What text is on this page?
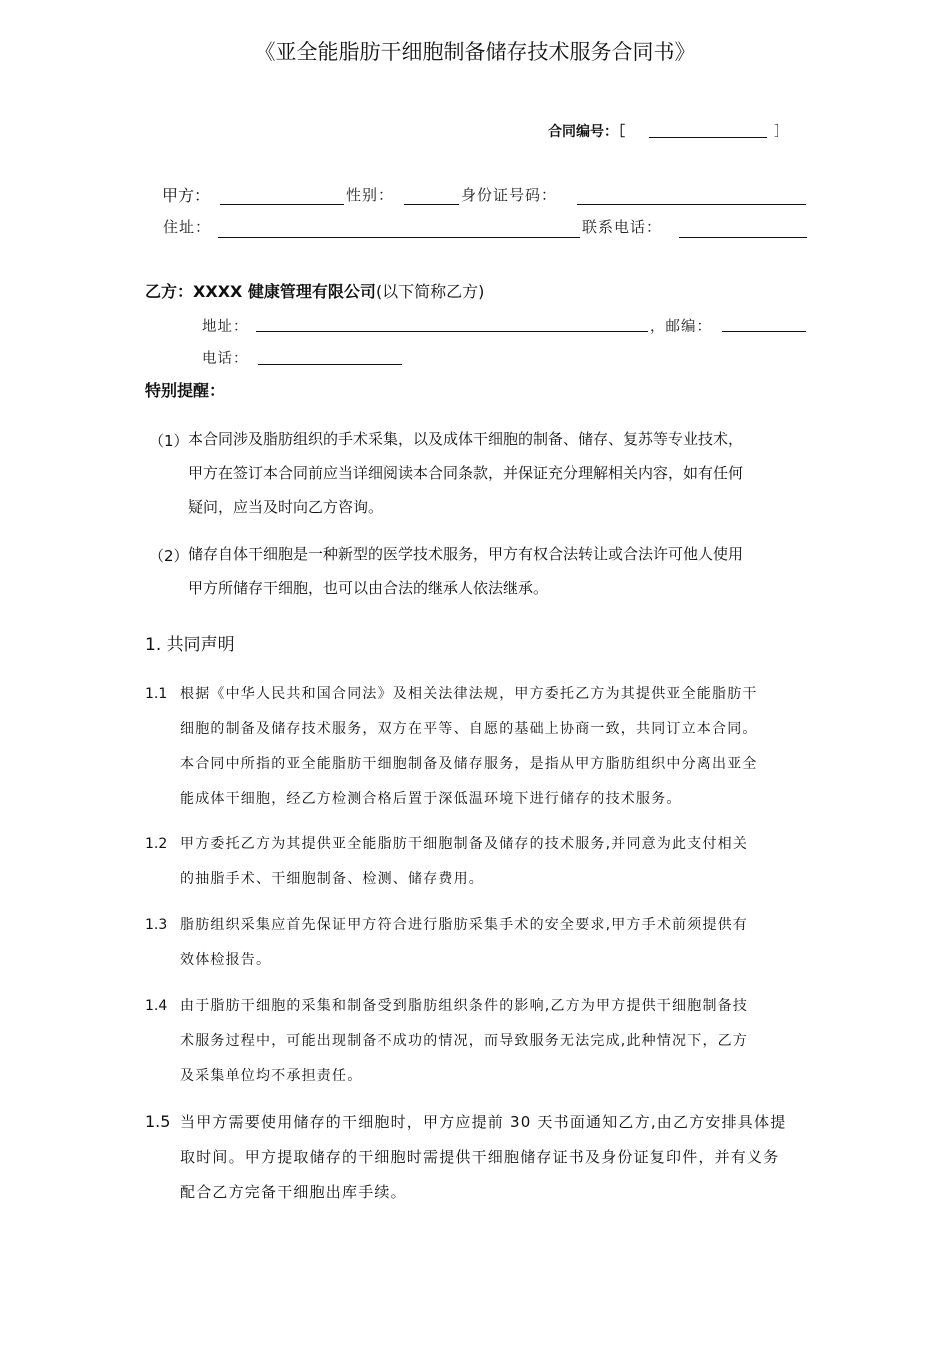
《亚全能脂肪干细胞制备储存技术服务合同书》
合同编号：［	］
甲方：	性别：	身份证号码：
住址：	联系电话：
乙方：XXXX 健康管理有限公司(以下简称乙方)
地址：	，邮编：
电话：
特别提醒：
（1） 本合同涉及脂肪组织的手术采集，以及成体干细胞的制备、储存、复苏等专业技术，
甲方在签订本合同前应当详细阅读本合同条款，并保证充分理解相关内容，如有任何
疑问，应当及时向乙方咨询。
（2） 储存自体干细胞是一种新型的医学技术服务，甲方有权合法转让或合法许可他人使用
甲方所储存干细胞，也可以由合法的继承人依法继承。
1. 共同声明
1.1 根据《中华人民共和国合同法》及相关法律法规，甲方委托乙方为其提供亚全能脂肪干
细胞的制备及储存技术服务，双方在平等、自愿的基础上协商一致，共同订立本合同。
本合同中所指的亚全能脂肪干细胞制备及储存服务，是指从甲方脂肪组织中分离出亚全
能成体干细胞，经乙方检测合格后置于深低温环境下进行储存的技术服务。
1.2 甲方委托乙方为其提供亚全能脂肪干细胞制备及储存的技术服务,并同意为此支付相关
的抽脂手术、干细胞制备、检测、储存费用。
1.3 脂肪组织采集应首先保证甲方符合进行脂肪采集手术的安全要求,甲方手术前须提供有
效体检报告。
1.4 由于脂肪干细胞的采集和制备受到脂肪组织条件的影响,乙方为甲方提供干细胞制备技
术服务过程中，可能出现制备不成功的情况，而导致服务无法完成,此种情况下，乙方
及采集单位均不承担责任。
1.5 当甲方需要使用储存的干细胞时，甲方应提前 30 天书面通知乙方,由乙方安排具体提
取时间。甲方提取储存的干细胞时需提供干细胞储存证书及身份证复印件，并有义务
配合乙方完备干细胞出库手续。
